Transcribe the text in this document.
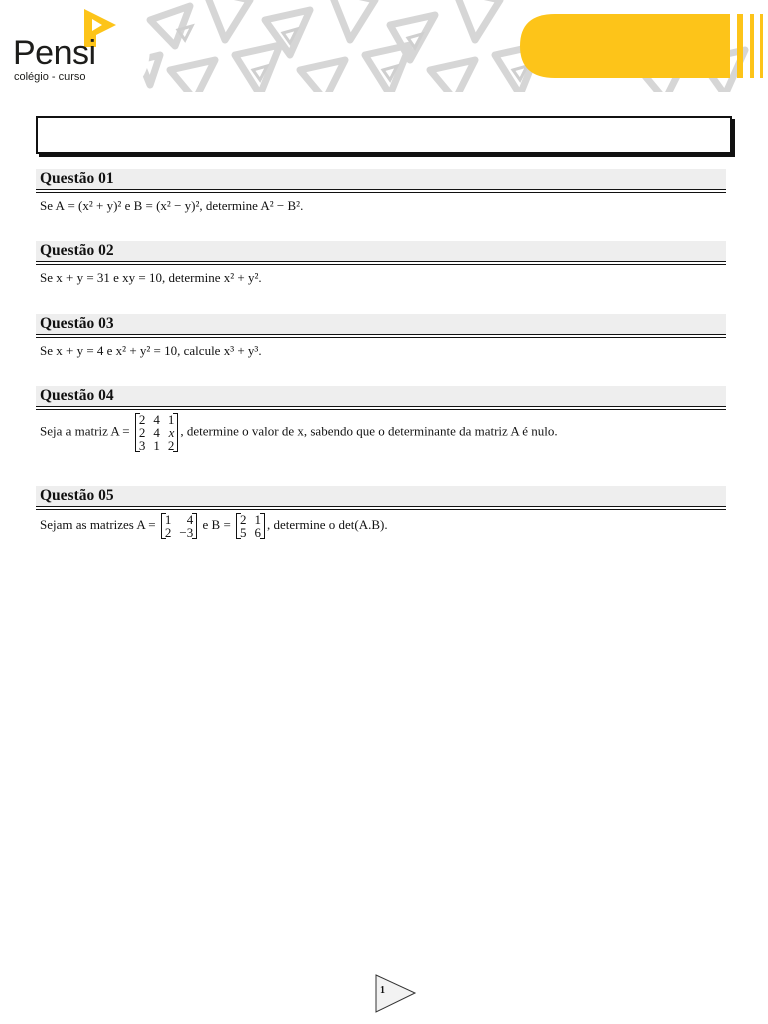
Pensi
colégio - curso
Questão 01
Se A = (x² + y)² e B = (x² − y)², determine A² − B².
Questão 02
Se x + y = 31 e xy = 10, determine x² + y².
Questão 03
Se x + y = 4 e x² + y² = 10, calcule x³ + y³.
Questão 04
Seja a matriz A =
2	4	1
2	4	x
3	1	2
, determine o valor de x, sabendo que o determinante da matriz A é nulo.
Questão 05
Sejam as matrizes A = 1	4
2	−3
e B = 2	1
5	6
, determine o det(A.B).
1
